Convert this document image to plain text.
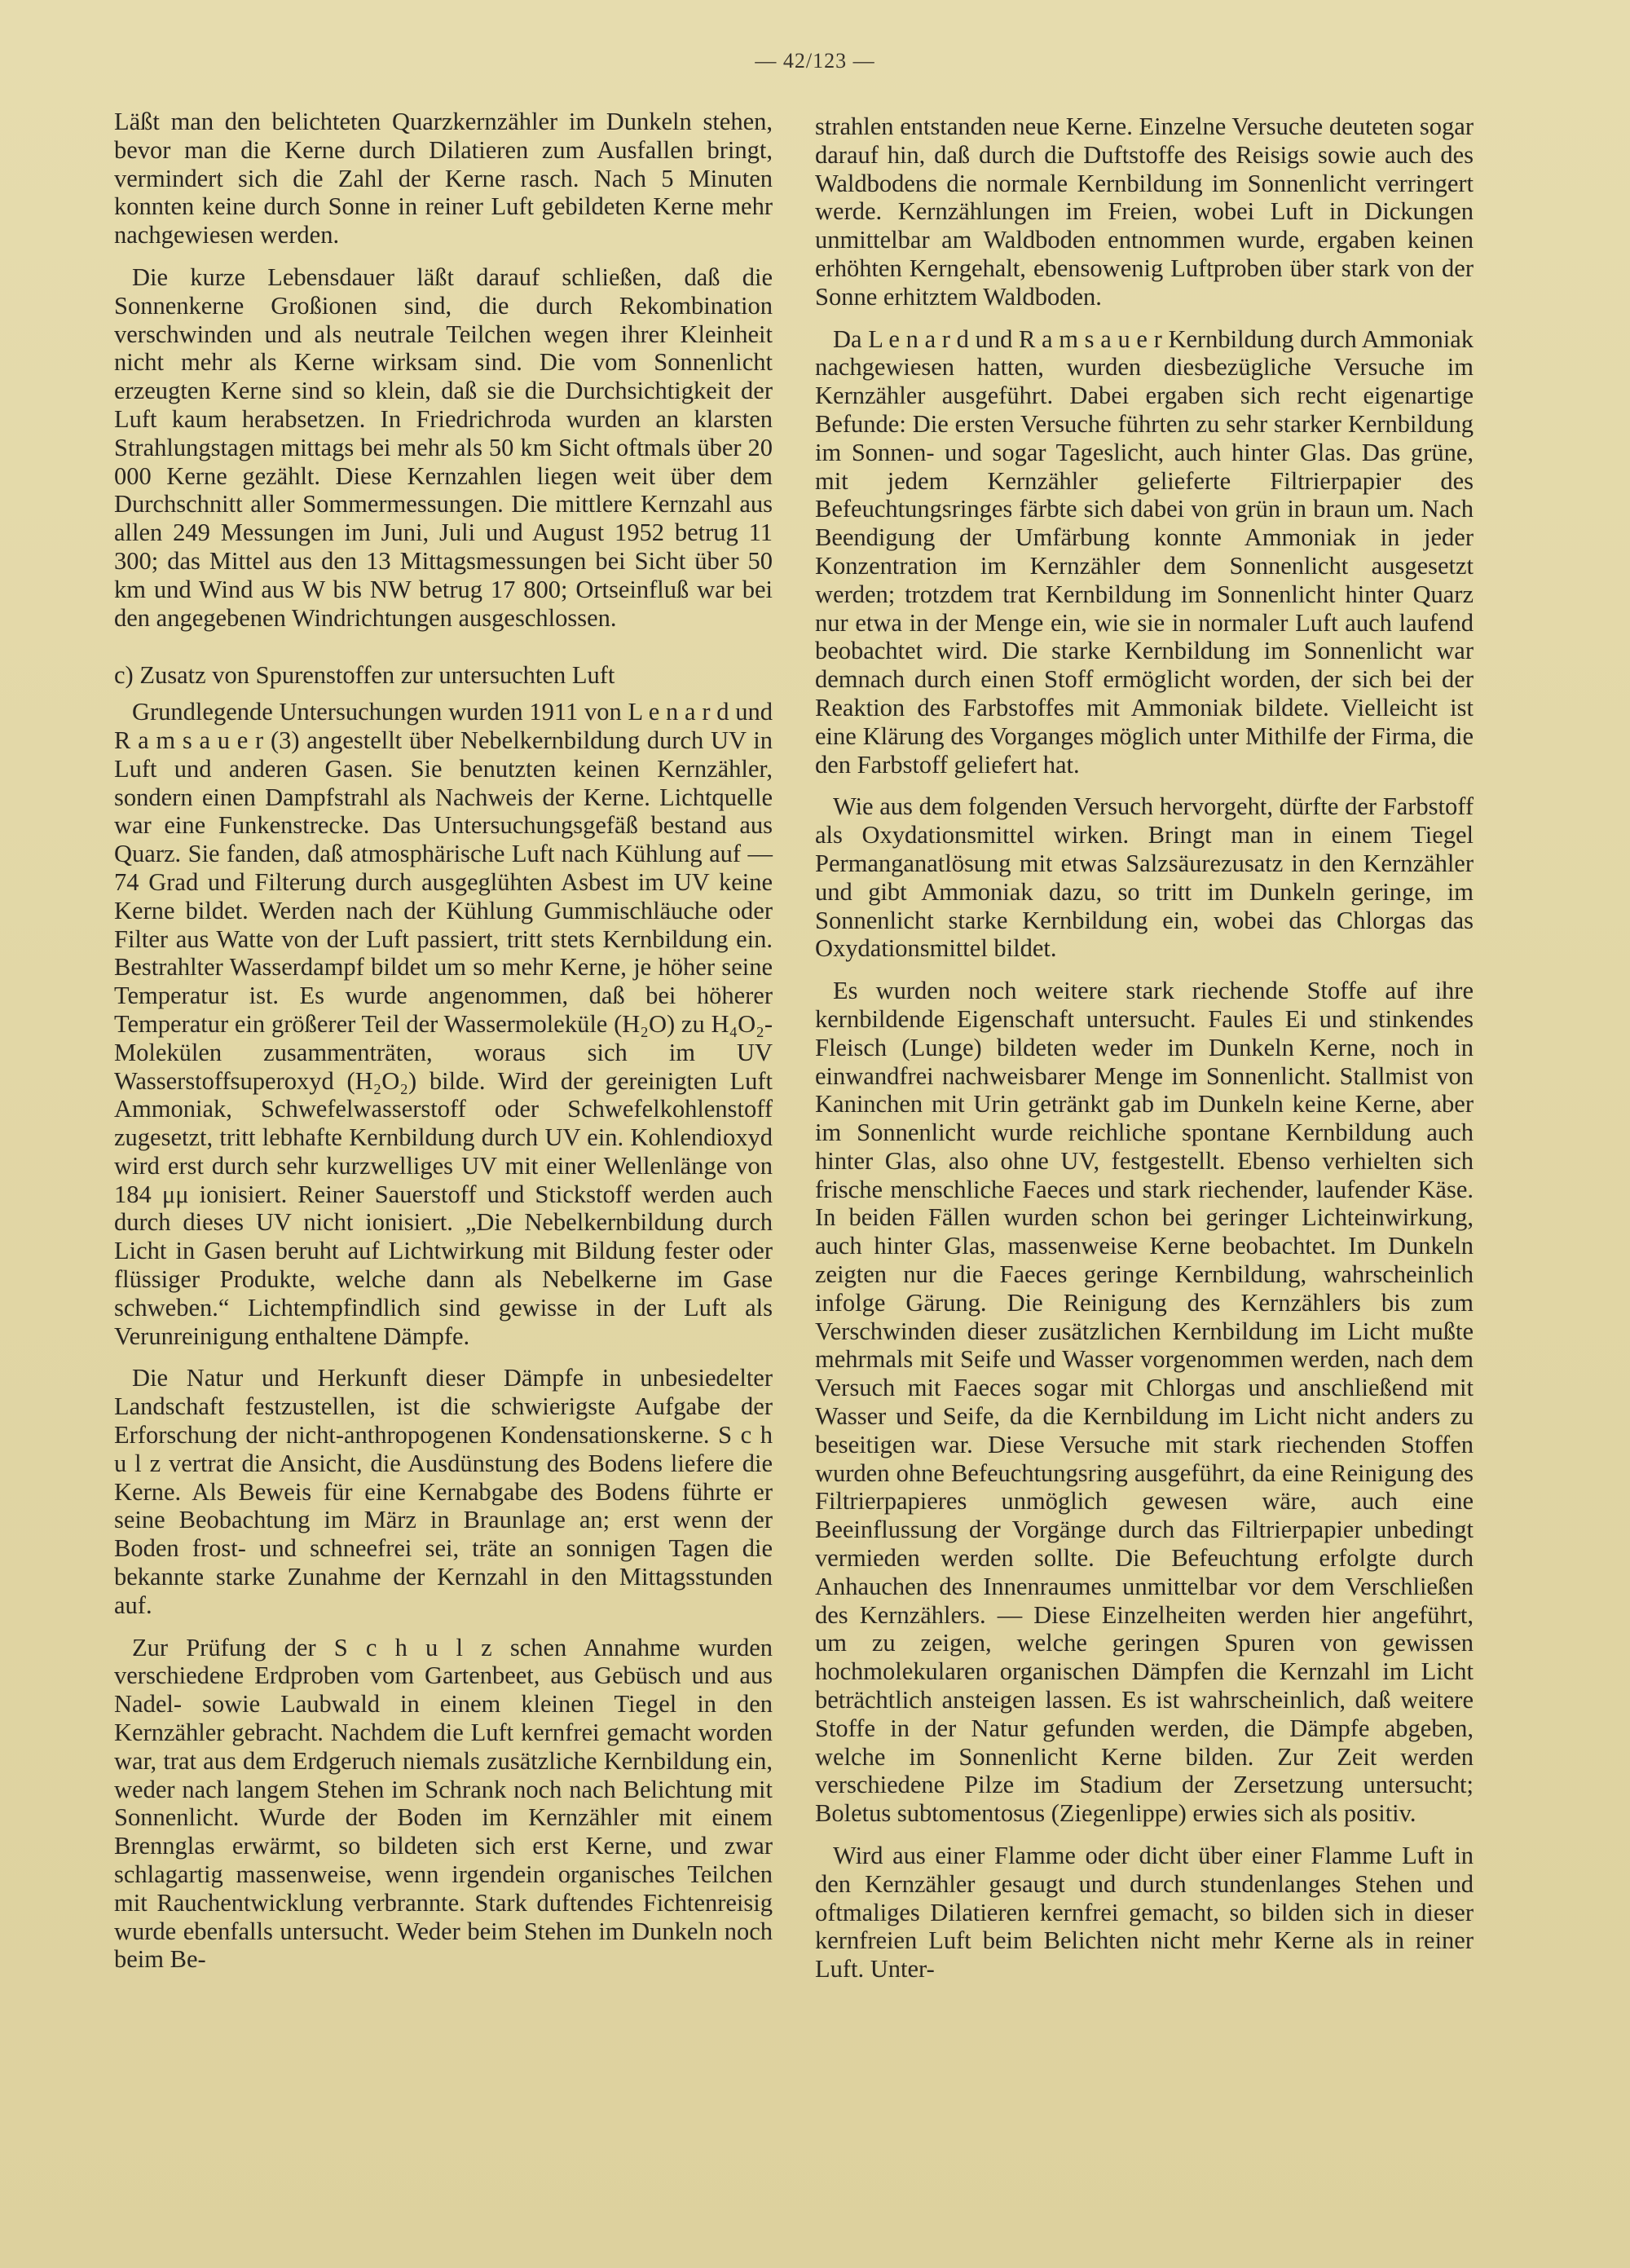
— 42/123 —

Läßt man den belichteten Quarzkernzähler im Dunkeln stehen, bevor man die Kerne durch Dilatieren zum Ausfallen bringt, vermindert sich die Zahl der Kerne rasch. Nach 5 Minuten konnten keine durch Sonne in reiner Luft gebildeten Kerne mehr nachgewiesen werden.

Die kurze Lebensdauer läßt darauf schließen, daß die Sonnenkerne Großionen sind, die durch Rekombination verschwinden und als neutrale Teilchen wegen ihrer Kleinheit nicht mehr als Kerne wirksam sind. Die vom Sonnenlicht erzeugten Kerne sind so klein, daß sie die Durchsichtigkeit der Luft kaum herabsetzen. In Friedrichroda wurden an klarsten Strahlungstagen mittags bei mehr als 50 km Sicht oftmals über 20 000 Kerne gezählt. Diese Kernzahlen liegen weit über dem Durchschnitt aller Sommermessungen. Die mittlere Kernzahl aus allen 249 Messungen im Juni, Juli und August 1952 betrug 11 300; das Mittel aus den 13 Mittagsmessungen bei Sicht über 50 km und Wind aus W bis NW betrug 17 800; Ortseinfluß war bei den angegebenen Windrichtungen ausgeschlossen.

c) Zusatz von Spurenstoffen zur untersuchten Luft

Grundlegende Untersuchungen wurden 1911 von L e n a r d und R a m s a u e r (3) angestellt über Nebelkernbildung durch UV in Luft und anderen Gasen. Sie benutzten keinen Kernzähler, sondern einen Dampfstrahl als Nachweis der Kerne. Lichtquelle war eine Funkenstrecke. Das Untersuchungsgefäß bestand aus Quarz. Sie fanden, daß atmosphärische Luft nach Kühlung auf —74 Grad und Filterung durch ausgeglühten Asbest im UV keine Kerne bildet. Werden nach der Kühlung Gummischläuche oder Filter aus Watte von der Luft passiert, tritt stets Kernbildung ein. Bestrahlter Wasserdampf bildet um so mehr Kerne, je höher seine Temperatur ist. Es wurde angenommen, daß bei höherer Temperatur ein größerer Teil der Wassermoleküle (H₂O) zu H₄O₂-Molekülen zusammenträten, woraus sich im UV Wasserstoffsuperoxyd (H₂O₂) bilde. Wird der gereinigten Luft Ammoniak, Schwefelwasserstoff oder Schwefelkohlenstoff zugesetzt, tritt lebhafte Kernbildung durch UV ein. Kohlendioxyd wird erst durch sehr kurzwelliges UV mit einer Wellenlänge von 184 μμ ionisiert. Reiner Sauerstoff und Stickstoff werden auch durch dieses UV nicht ionisiert. „Die Nebelkernbildung durch Licht in Gasen beruht auf Lichtwirkung mit Bildung fester oder flüssiger Produkte, welche dann als Nebelkerne im Gase schweben.“ Lichtempfindlich sind gewisse in der Luft als Verunreinigung enthaltene Dämpfe.

Die Natur und Herkunft dieser Dämpfe in unbesiedelter Landschaft festzustellen, ist die schwierigste Aufgabe der Erforschung der nicht-anthropogenen Kondensationskerne. S c h u l z vertrat die Ansicht, die Ausdünstung des Bodens liefere die Kerne. Als Beweis für eine Kernabgabe des Bodens führte er seine Beobachtung im März in Braunlage an; erst wenn der Boden frost- und schneefrei sei, träte an sonnigen Tagen die bekannte starke Zunahme der Kernzahl in den Mittagsstunden auf.

Zur Prüfung der S c h u l z schen Annahme wurden verschiedene Erdproben vom Gartenbeet, aus Gebüsch und aus Nadel- sowie Laubwald in einem kleinen Tiegel in den Kernzähler gebracht. Nachdem die Luft kernfrei gemacht worden war, trat aus dem Erdgeruch niemals zusätzliche Kernbildung ein, weder nach langem Stehen im Schrank noch nach Belichtung mit Sonnenlicht. Wurde der Boden im Kernzähler mit einem Brennglas erwärmt, so bildeten sich erst Kerne, und zwar schlagartig massenweise, wenn irgendein organisches Teilchen mit Rauchentwicklung verbrannte. Stark duftendes Fichtenreisig wurde ebenfalls untersucht. Weder beim Stehen im Dunkeln noch beim Be-

strahlen entstanden neue Kerne. Einzelne Versuche deuteten sogar darauf hin, daß durch die Duftstoffe des Reisigs sowie auch des Waldbodens die normale Kernbildung im Sonnenlicht verringert werde. Kernzählungen im Freien, wobei Luft in Dickungen unmittelbar am Waldboden entnommen wurde, ergaben keinen erhöhten Kerngehalt, ebensowenig Luftproben über stark von der Sonne erhitztem Waldboden.

Da L e n a r d und R a m s a u e r Kernbildung durch Ammoniak nachgewiesen hatten, wurden diesbezügliche Versuche im Kernzähler ausgeführt. Dabei ergaben sich recht eigenartige Befunde: Die ersten Versuche führten zu sehr starker Kernbildung im Sonnen- und sogar Tageslicht, auch hinter Glas. Das grüne, mit jedem Kernzähler gelieferte Filtrierpapier des Befeuchtungsringes färbte sich dabei von grün in braun um. Nach Beendigung der Umfärbung konnte Ammoniak in jeder Konzentration im Kernzähler dem Sonnenlicht ausgesetzt werden; trotzdem trat Kernbildung im Sonnenlicht hinter Quarz nur etwa in der Menge ein, wie sie in normaler Luft auch laufend beobachtet wird. Die starke Kernbildung im Sonnenlicht war demnach durch einen Stoff ermöglicht worden, der sich bei der Reaktion des Farbstoffes mit Ammoniak bildete. Vielleicht ist eine Klärung des Vorganges möglich unter Mithilfe der Firma, die den Farbstoff geliefert hat.

Wie aus dem folgenden Versuch hervorgeht, dürfte der Farbstoff als Oxydationsmittel wirken. Bringt man in einem Tiegel Permanganatlösung mit etwas Salzsäurezusatz in den Kernzähler und gibt Ammoniak dazu, so tritt im Dunkeln geringe, im Sonnenlicht starke Kernbildung ein, wobei das Chlorgas das Oxydationsmittel bildet.

Es wurden noch weitere stark riechende Stoffe auf ihre kernbildende Eigenschaft untersucht. Faules Ei und stinkendes Fleisch (Lunge) bildeten weder im Dunkeln Kerne, noch in einwandfrei nachweisbarer Menge im Sonnenlicht. Stallmist von Kaninchen mit Urin getränkt gab im Dunkeln keine Kerne, aber im Sonnenlicht wurde reichliche spontane Kernbildung auch hinter Glas, also ohne UV, festgestellt. Ebenso verhielten sich frische menschliche Faeces und stark riechender, laufender Käse. In beiden Fällen wurden schon bei geringer Lichteinwirkung, auch hinter Glas, massenweise Kerne beobachtet. Im Dunkeln zeigten nur die Faeces geringe Kernbildung, wahrscheinlich infolge Gärung. Die Reinigung des Kernzählers bis zum Verschwinden dieser zusätzlichen Kernbildung im Licht mußte mehrmals mit Seife und Wasser vorgenommen werden, nach dem Versuch mit Faeces sogar mit Chlorgas und anschließend mit Wasser und Seife, da die Kernbildung im Licht nicht anders zu beseitigen war. Diese Versuche mit stark riechenden Stoffen wurden ohne Befeuchtungsring ausgeführt, da eine Reinigung des Filtrierpapieres unmöglich gewesen wäre, auch eine Beeinflussung der Vorgänge durch das Filtrierpapier unbedingt vermieden werden sollte. Die Befeuchtung erfolgte durch Anhauchen des Innenraumes unmittelbar vor dem Verschließen des Kernzählers. — Diese Einzelheiten werden hier angeführt, um zu zeigen, welche geringen Spuren von gewissen hochmolekularen organischen Dämpfen die Kernzahl im Licht beträchtlich ansteigen lassen. Es ist wahrscheinlich, daß weitere Stoffe in der Natur gefunden werden, die Dämpfe abgeben, welche im Sonnenlicht Kerne bilden. Zur Zeit werden verschiedene Pilze im Stadium der Zersetzung untersucht; Boletus subtomentosus (Ziegenlippe) erwies sich als positiv.

Wird aus einer Flamme oder dicht über einer Flamme Luft in den Kernzähler gesaugt und durch stundenlanges Stehen und oftmaliges Dilatieren kernfrei gemacht, so bilden sich in dieser kernfreien Luft beim Belichten nicht mehr Kerne als in reiner Luft. Unter-
